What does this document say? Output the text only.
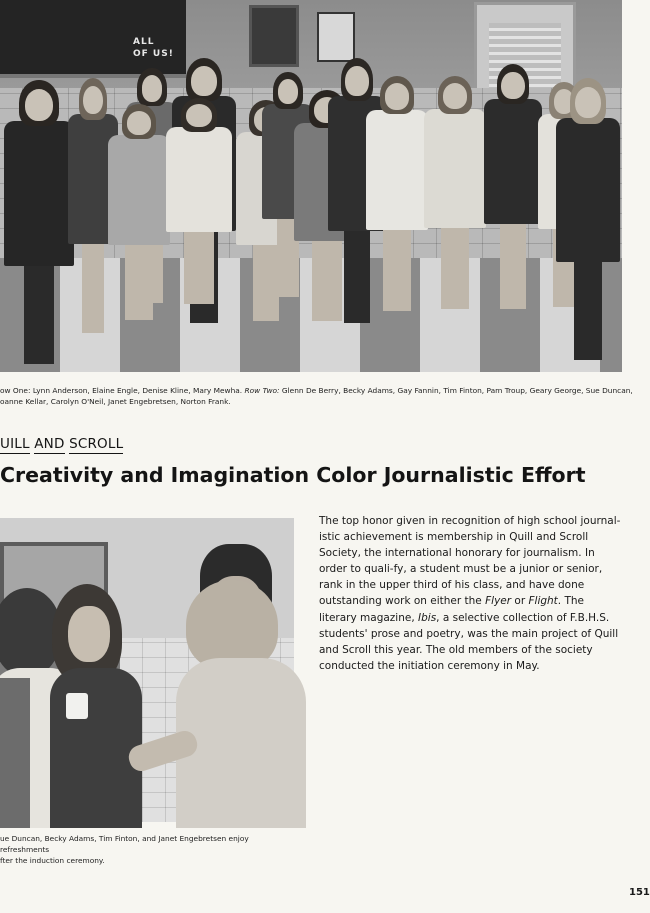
ALL
OF US!
ow One: Lynn Anderson, Elaine Engle, Denise Kline, Mary Mewha. Row Two: Glenn De Berry, Becky Adams, Gay Fannin, Tim Finton, Pam Troup, Geary George, Sue Duncan,
oanne Kellar, Carolyn O'Neil, Janet Engebretsen, Norton Frank.
UILL AND SCROLL
Creativity and Imagination Color Journalistic Effort
ue Duncan, Becky Adams, Tim Finton, and Janet Engebretsen enjoy refreshments
fter the induction ceremony.
The top honor given in recognition of high school journal-istic achievement is membership in Quill and Scroll Society, the international honorary for journalism. In order to quali-fy, a student must be a junior or senior, rank in the upper third of his class, and have done outstanding work on either the Flyer or Flight. The literary magazine, Ibis, a selective collection of F.B.H.S. students' prose and poetry, was the main project of Quill and Scroll this year. The old members of the society conducted the initiation ceremony in May.
151
